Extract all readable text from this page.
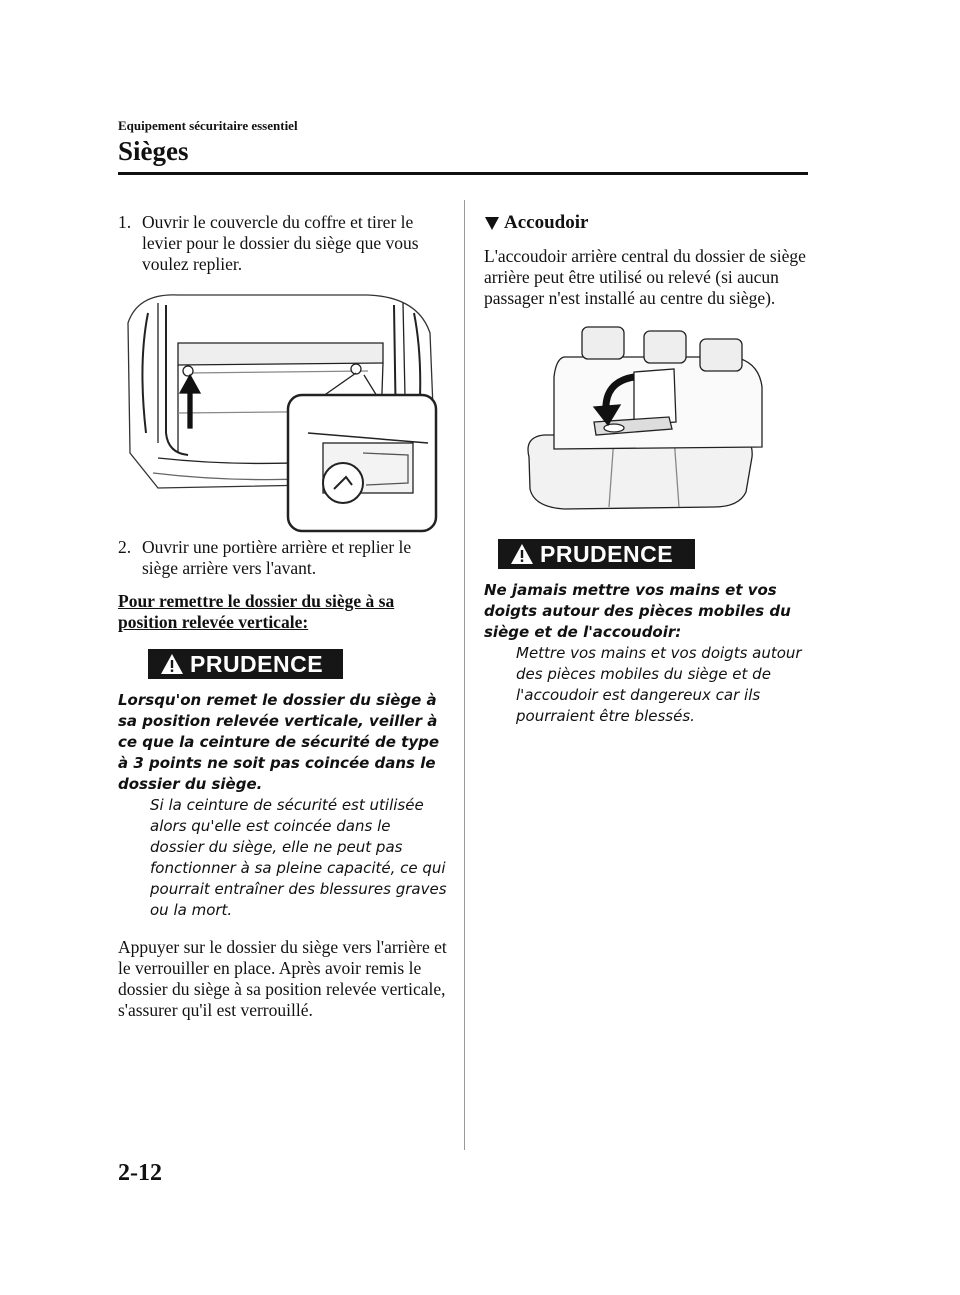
Equipement sécuritaire essentiel
Sièges
1. Ouvrir le couvercle du coffre et tirer le levier pour le dossier du siège que vous voulez replier.
2. Ouvrir une portière arrière et replier le siège arrière vers l'avant.

Pour remettre le dossier du siège à sa position relevée verticale:

PRUDENCE

Lorsqu'on remet le dossier du siège à sa position relevée verticale, veiller à ce que la ceinture de sécurité de type à 3 points ne soit pas coincée dans le dossier du siège.

Si la ceinture de sécurité est utilisée alors qu'elle est coincée dans le dossier du siège, elle ne peut pas fonctionner à sa pleine capacité, ce qui pourrait entraîner des blessures graves ou la mort.

Appuyer sur le dossier du siège vers l'arrière et le verrouiller en place. Après avoir remis le dossier du siège à sa position relevée verticale, s'assurer qu'il est verrouillé.

Accoudoir

L'accoudoir arrière central du dossier de siège arrière peut être utilisé ou relevé (si aucun passager n'est installé au centre du siège).

PRUDENCE

Ne jamais mettre vos mains et vos doigts autour des pièces mobiles du siège et de l'accoudoir:

Mettre vos mains et vos doigts autour des pièces mobiles du siège et de l'accoudoir est dangereux car ils pourraient être blessés.

2-12
